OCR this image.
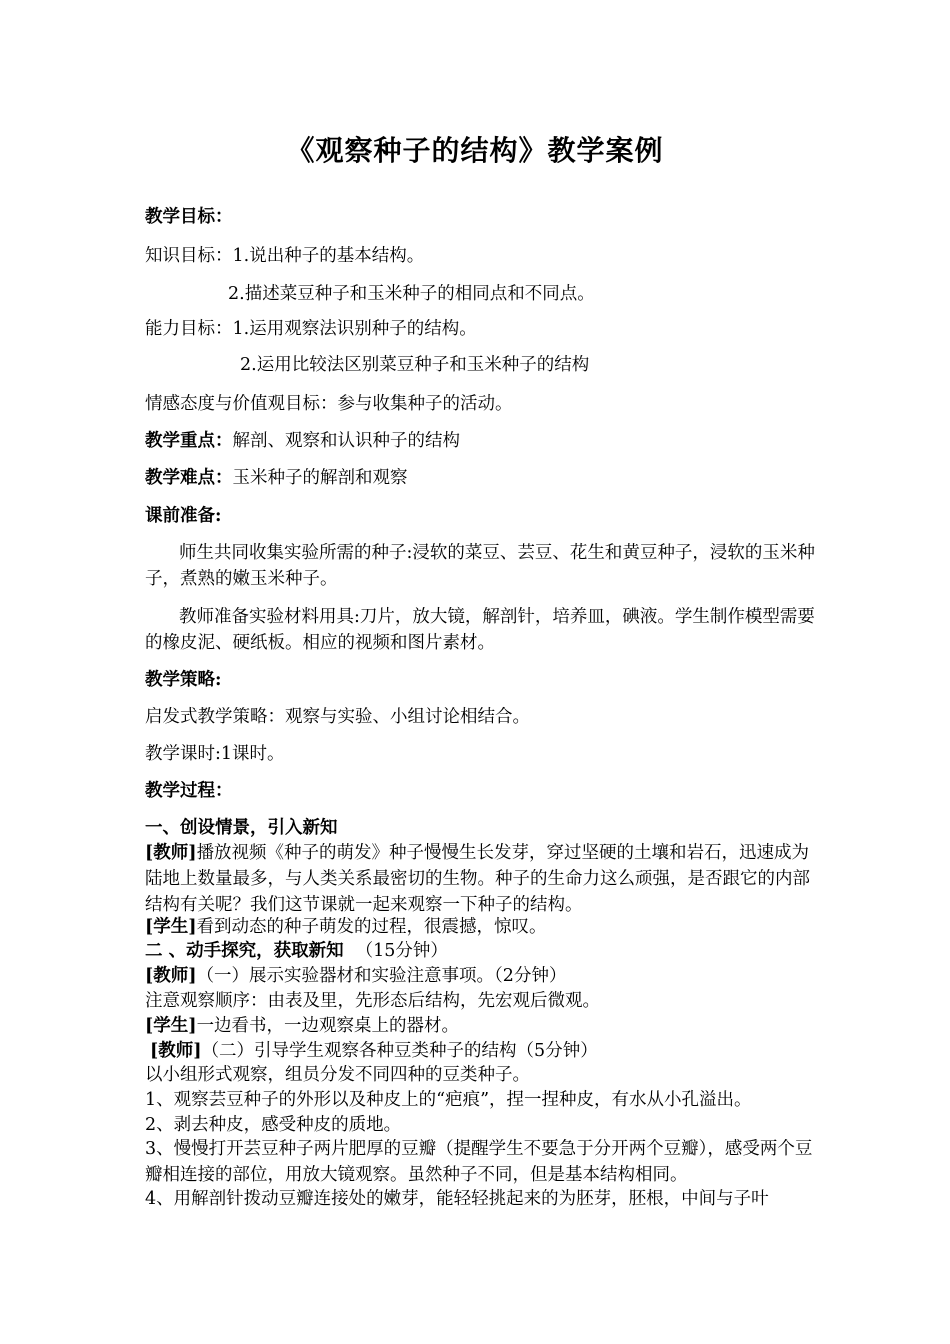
《观察种子的结构》教学案例
教学目标：
知识目标：1.说出种子的基本结构。
2.描述菜豆种子和玉米种子的相同点和不同点。
能力目标：1.运用观察法识别种子的结构。
2.运用比较法区别菜豆种子和玉米种子的结构
情感态度与价值观目标：参与收集种子的活动。
教学重点：解剖、观察和认识种子的结构
教学难点：玉米种子的解剖和观察
课前准备:
师生共同收集实验所需的种子:浸软的菜豆、芸豆、花生和黄豆种子，浸软的玉米种子，煮熟的嫩玉米种子。
教师准备实验材料用具:刀片，放大镜，解剖针，培养皿，碘液。学生制作模型需要的橡皮泥、硬纸板。相应的视频和图片素材。
教学策略:
启发式教学策略：观察与实验、小组讨论相结合。
教学课时:1课时。
教学过程：
一、创设情景，引入新知
[教师]播放视频《种子的萌发》种子慢慢生长发芽，穿过坚硬的土壤和岩石，迅速成为陆地上数量最多，与人类关系最密切的生物。种子的生命力这么顽强，是否跟它的内部结构有关呢？我们这节课就一起来观察一下种子的结构。
[学生]看到动态的种子萌发的过程，很震撼，惊叹。
二 、动手探究，获取新知 （15分钟）
[教师]（一）展示实验器材和实验注意事项。（2分钟）
注意观察顺序：由表及里，先形态后结构，先宏观后微观。
[学生]一边看书，一边观察桌上的器材。
[教师]（二）引导学生观察各种豆类种子的结构（5分钟）
以小组形式观察，组员分发不同四种的豆类种子。
1、观察芸豆种子的外形以及种皮上的“疤痕”，捏一捏种皮，有水从小孔溢出。
2、剥去种皮，感受种皮的质地。
3、慢慢打开芸豆种子两片肥厚的豆瓣（提醒学生不要急于分开两个豆瓣），感受两个豆瓣相连接的部位，用放大镜观察。虽然种子不同，但是基本结构相同。
4、用解剖针拨动豆瓣连接处的嫩芽，能轻轻挑起来的为胚芽，胚根，中间与子叶
